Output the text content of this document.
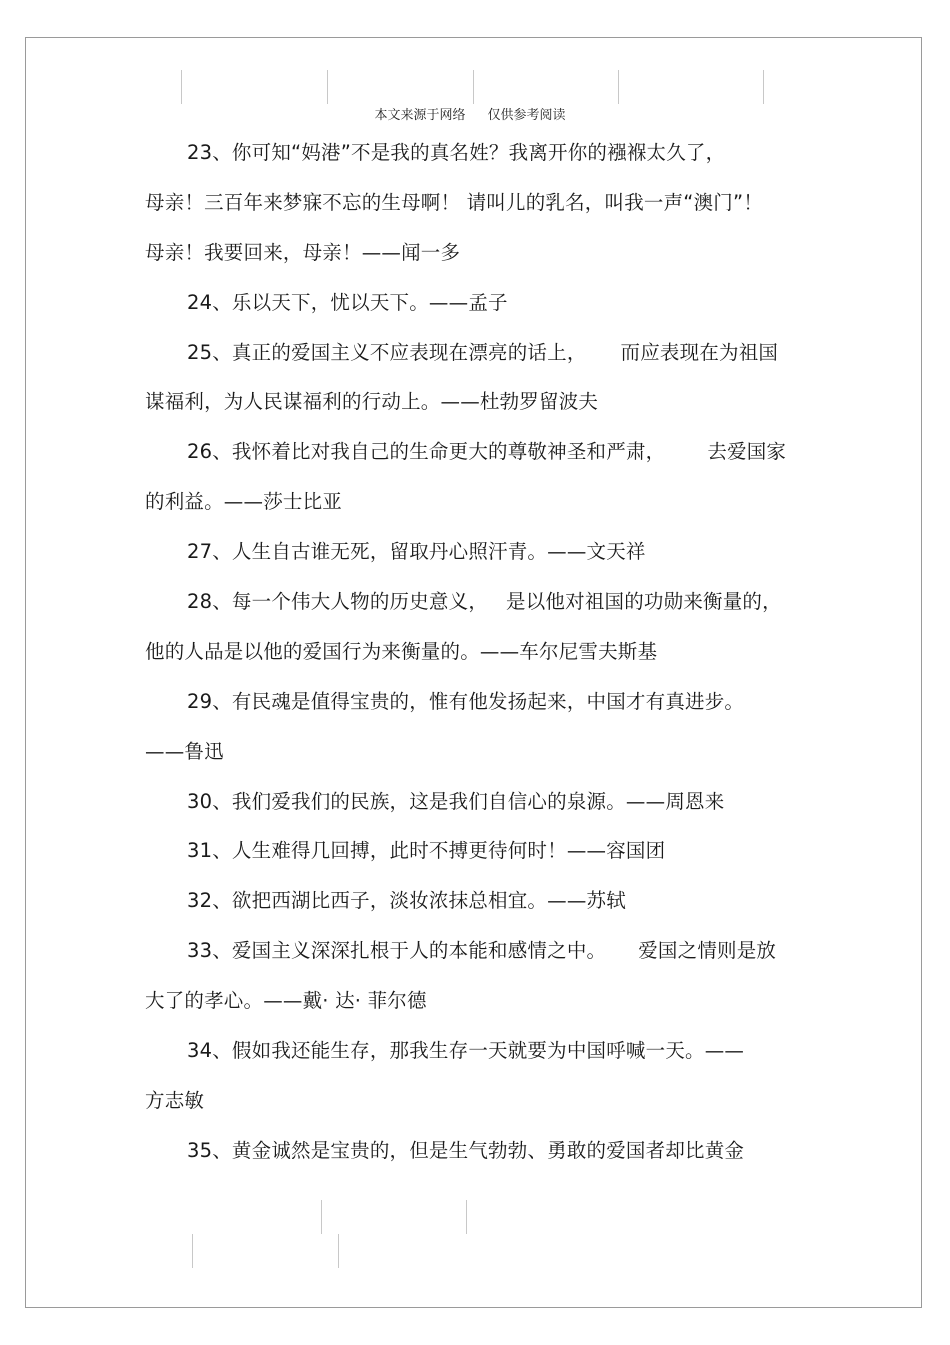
本文来源于网络 仅供参考阅读
23、你可知“妈港”不是我的真名姓？我离开你的襁褓太久了，
母亲！三百年来梦寐不忘的生母啊！ 请叫儿的乳名，叫我一声“澳门”！
母亲！我要回来，母亲！——闻一多
24、乐以天下，忧以天下。——孟子
25、真正的爱国主义不应表现在漂亮的话上， 而应表现在为祖国
谋福利，为人民谋福利的行动上。——杜勃罗留波夫
26、我怀着比对我自己的生命更大的尊敬神圣和严肃， 去爱国家
的利益。——莎士比亚
27、人生自古谁无死，留取丹心照汗青。——文天祥
28、每一个伟大人物的历史意义， 是以他对祖国的功勋来衡量的，
他的人品是以他的爱国行为来衡量的。——车尔尼雪夫斯基
29、有民魂是值得宝贵的，惟有他发扬起来，中国才有真进步。
——鲁迅
30、我们爱我们的民族，这是我们自信心的泉源。——周恩来
31、人生难得几回搏，此时不搏更待何时！——容国团
32、欲把西湖比西子，淡妆浓抹总相宜。——苏轼
33、爱国主义深深扎根于人的本能和感情之中。 爱国之情则是放
大了的孝心。——戴· 达· 菲尔德
34、假如我还能生存，那我生存一天就要为中国呼喊一天。——
方志敏
35、黄金诚然是宝贵的，但是生气勃勃、勇敢的爱国者却比黄金
